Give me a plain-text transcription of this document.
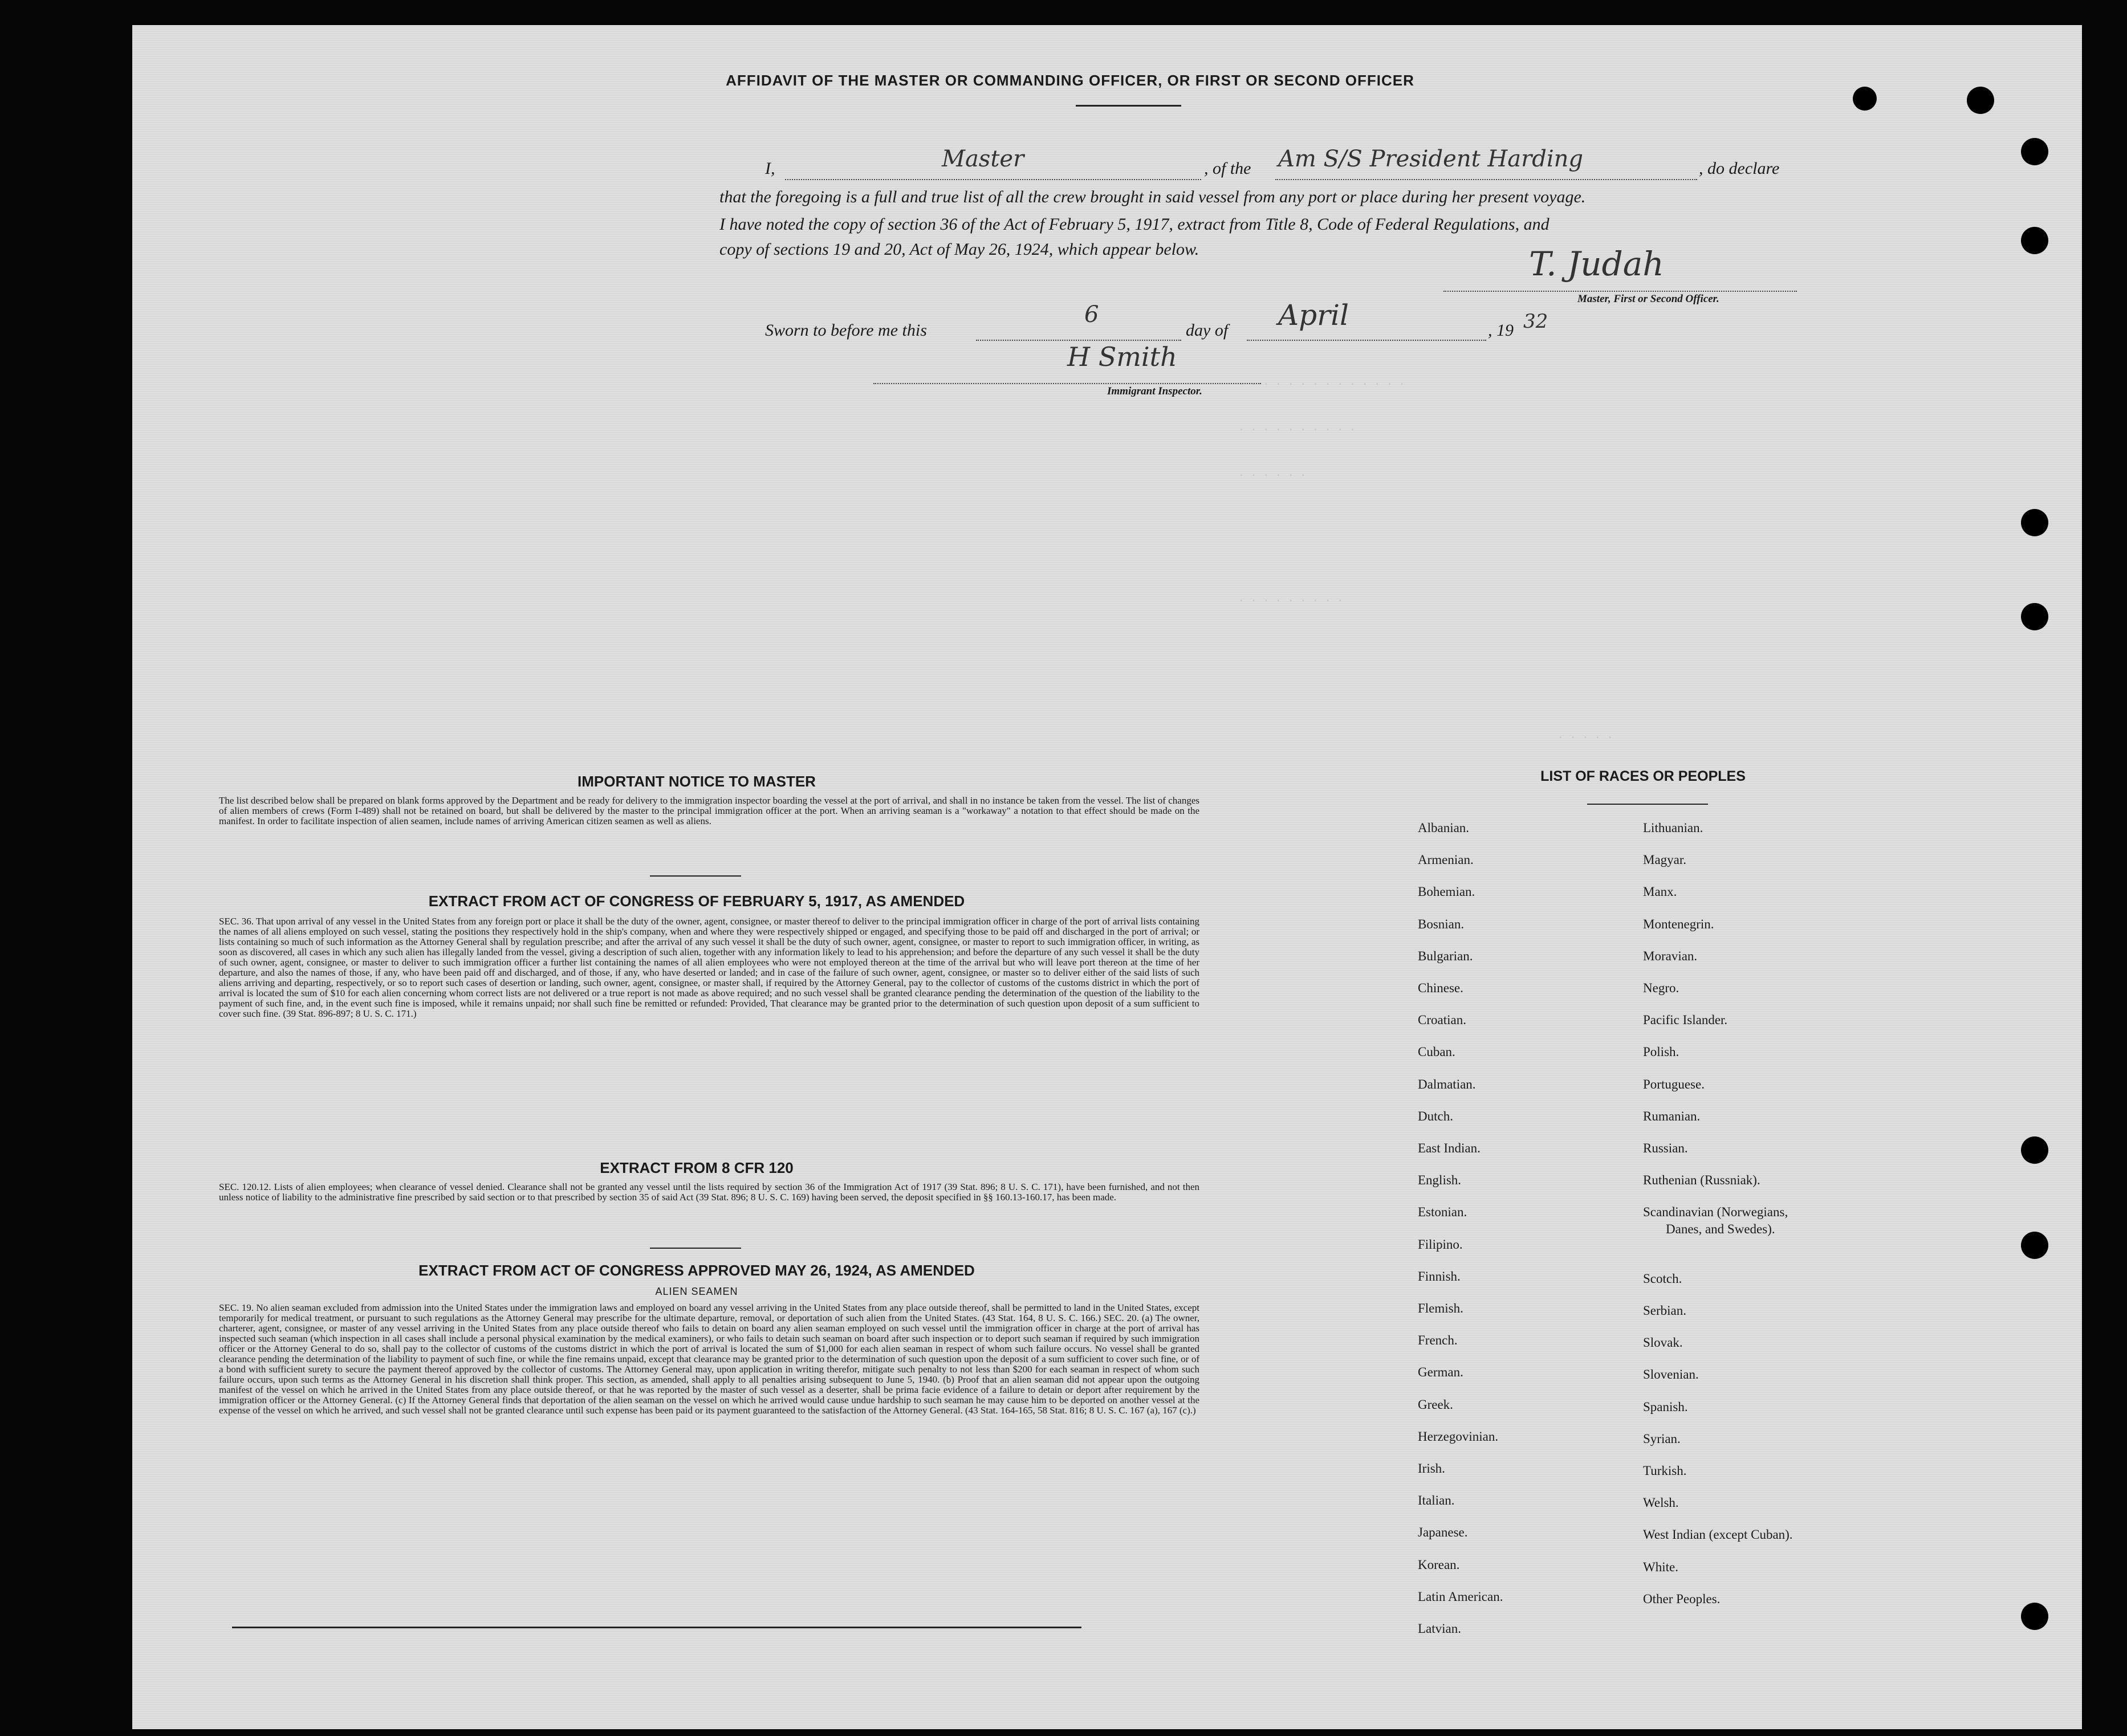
AFFIDAVIT OF THE MASTER OR COMMANDING OFFICER, OR FIRST OR SECOND OFFICER
I,	Master	, of the Am S/S President Harding	, do declare
that the foregoing is a full and true list of all the crew brought in said vessel from any port or place during her present voyage.
I have noted the copy of section 36 of the Act of February 5, 1917, extract from Title 8, Code of Federal Regulations, and
copy of sections 19 and 20, Act of May 26, 1924, which appear below.	T. Judah
Master, First or Second Officer.
Sworn to before me this
6
day of April	, 19 32
H Smith
Immigrant Inspector.
· · · · · · · · · · · · · ·
· · · · · · · · · ·
· · · · · ·
· · · · · · · · ·
· · · · ·
IMPORTANT NOTICE TO MASTER
The list described below shall be prepared on blank forms approved by the Department and be ready for delivery to the immigration inspector boarding the vessel at the port of arrival, and shall in no instance be taken from the vessel. The list of changes of alien members of crews (Form I-489) shall not be retained on board, but shall be delivered by the master to the principal immigration officer at the port. When an arriving seaman is a "workaway" a notation to that effect should be made on the manifest. In order to facilitate inspection of alien seamen, include names of arriving American citizen seamen as well as aliens.
EXTRACT FROM ACT OF CONGRESS OF FEBRUARY 5, 1917, AS AMENDED
SEC. 36. That upon arrival of any vessel in the United States from any foreign port or place it shall be the duty of the owner, agent, consignee, or master thereof to deliver to the principal immigration officer in charge of the port of arrival lists containing the names of all aliens employed on such vessel, stating the positions they respectively hold in the ship's company, when and where they were respectively shipped or engaged, and specifying those to be paid off and discharged in the port of arrival; or lists containing so much of such information as the Attorney General shall by regulation prescribe; and after the arrival of any such vessel it shall be the duty of such owner, agent, consignee, or master to report to such immigration officer, in writing, as soon as discovered, all cases in which any such alien has illegally landed from the vessel, giving a description of such alien, together with any information likely to lead to his apprehension; and before the departure of any such vessel it shall be the duty of such owner, agent, consignee, or master to deliver to such immigration officer a further list containing the names of all alien employees who were not employed thereon at the time of the arrival but who will leave port thereon at the time of her departure, and also the names of those, if any, who have been paid off and discharged, and of those, if any, who have deserted or landed; and in case of the failure of such owner, agent, consignee, or master so to deliver either of the said lists of such aliens arriving and departing, respectively, or so to report such cases of desertion or landing, such owner, agent, consignee, or master shall, if required by the Attorney General, pay to the collector of customs of the customs district in which the port of arrival is located the sum of $10 for each alien concerning whom correct lists are not delivered or a true report is not made as above required; and no such vessel shall be granted clearance pending the determination of the question of the liability to the payment of such fine, and, in the event such fine is imposed, while it remains unpaid; nor shall such fine be remitted or refunded: Provided, That clearance may be granted prior to the determination of such question upon deposit of a sum sufficient to cover such fine. (39 Stat. 896-897; 8 U. S. C. 171.)
EXTRACT FROM 8 CFR 120
SEC. 120.12. Lists of alien employees; when clearance of vessel denied. Clearance shall not be granted any vessel until the lists required by section 36 of the Immigration Act of 1917 (39 Stat. 896; 8 U. S. C. 171), have been furnished, and not then unless notice of liability to the administrative fine prescribed by said section or to that prescribed by section 35 of said Act (39 Stat. 896; 8 U. S. C. 169) having been served, the deposit specified in §§ 160.13-160.17, has been made.
EXTRACT FROM ACT OF CONGRESS APPROVED MAY 26, 1924, AS AMENDED
ALIEN SEAMEN
SEC. 19. No alien seaman excluded from admission into the United States under the immigration laws and employed on board any vessel arriving in the United States from any place outside thereof, shall be permitted to land in the United States, except temporarily for medical treatment, or pursuant to such regulations as the Attorney General may prescribe for the ultimate departure, removal, or deportation of such alien from the United States. (43 Stat. 164, 8 U. S. C. 166.) SEC. 20. (a) The owner, charterer, agent, consignee, or master of any vessel arriving in the United States from any place outside thereof who fails to detain on board any alien seaman employed on such vessel until the immigration officer in charge at the port of arrival has inspected such seaman (which inspection in all cases shall include a personal physical examination by the medical examiners), or who fails to detain such seaman on board after such inspection or to deport such seaman if required by such immigration officer or the Attorney General to do so, shall pay to the collector of customs of the customs district in which the port of arrival is located the sum of $1,000 for each alien seaman in respect of whom such failure occurs. No vessel shall be granted clearance pending the determination of the liability to payment of such fine, or while the fine remains unpaid, except that clearance may be granted prior to the determination of such question upon the deposit of a sum sufficient to cover such fine, or of a bond with sufficient surety to secure the payment thereof approved by the collector of customs. The Attorney General may, upon application in writing therefor, mitigate such penalty to not less than $200 for each seaman in respect of whom such failure occurs, upon such terms as the Attorney General in his discretion shall think proper. This section, as amended, shall apply to all penalties arising subsequent to June 5, 1940. (b) Proof that an alien seaman did not appear upon the outgoing manifest of the vessel on which he arrived in the United States from any place outside thereof, or that he was reported by the master of such vessel as a deserter, shall be prima facie evidence of a failure to detain or deport after requirement by the immigration officer or the Attorney General. (c) If the Attorney General finds that deportation of the alien seaman on the vessel on which he arrived would cause undue hardship to such seaman he may cause him to be deported on another vessel at the expense of the vessel on which he arrived, and such vessel shall not be granted clearance until such expense has been paid or its payment guaranteed to the satisfaction of the Attorney General. (43 Stat. 164-165, 58 Stat. 816; 8 U. S. C. 167 (a), 167 (c).)
LIST OF RACES OR PEOPLES
Albanian.
Armenian.
Bohemian.
Bosnian.
Bulgarian.
Chinese.
Croatian.
Cuban.
Dalmatian.
Dutch.
East Indian.
English.
Estonian.
Filipino.
Finnish.
Flemish.
French.
German.
Greek.
Herzegovinian.
Irish.
Italian.
Japanese.
Korean.
Latin American.
Latvian.
Lithuanian.
Magyar.
Manx.
Montenegrin.
Moravian.
Negro.
Pacific Islander.
Polish.
Portuguese.
Rumanian.
Russian.
Ruthenian (Russniak).
Scandinavian (Norwegians,
Danes, and Swedes).
Scotch.
Serbian.
Slovak.
Slovenian.
Spanish.
Syrian.
Turkish.
Welsh.
West Indian (except Cuban).
White.
Other Peoples.
